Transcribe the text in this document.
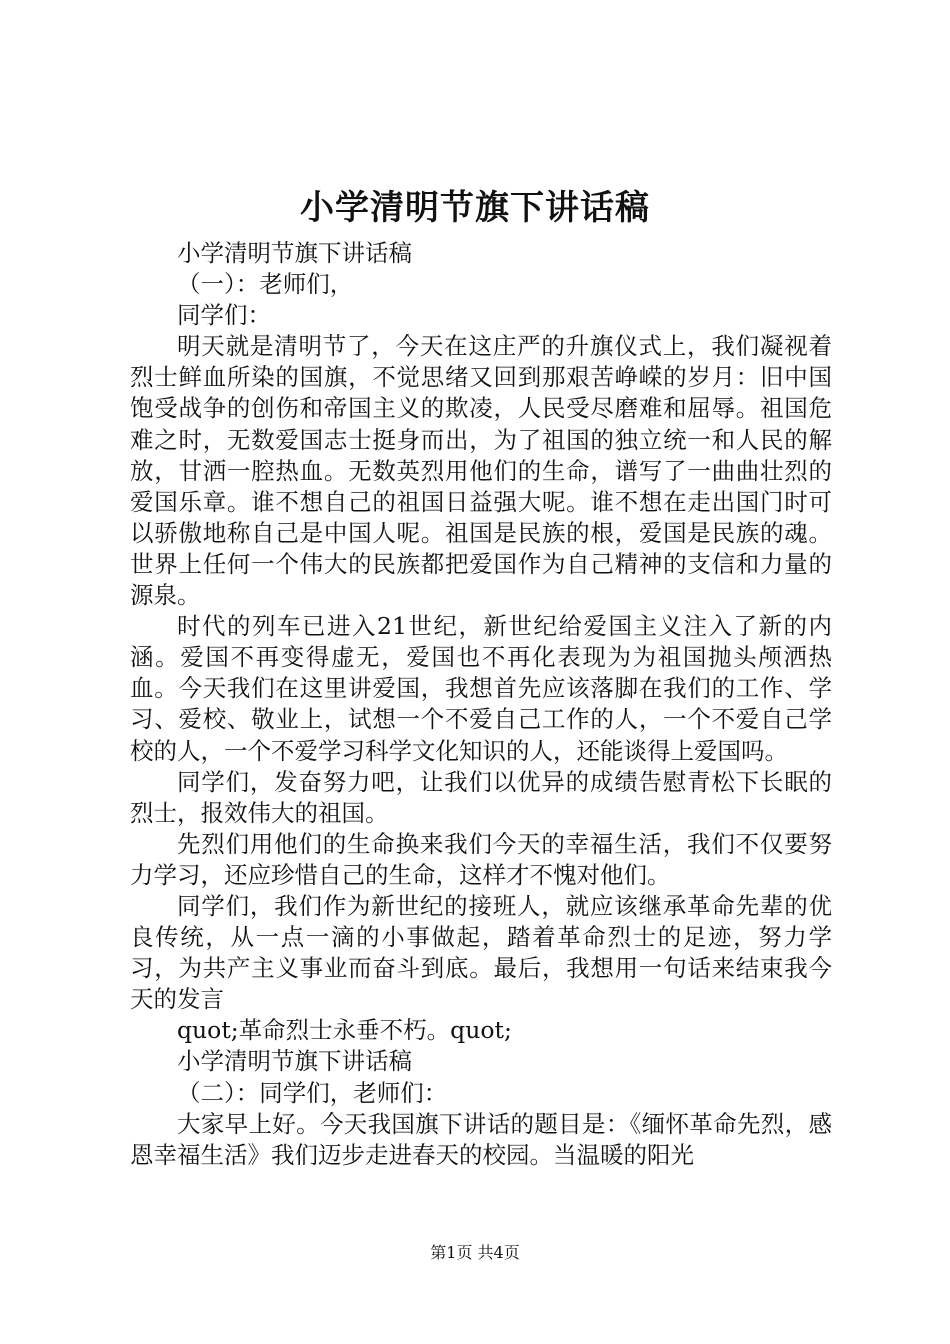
小学清明节旗下讲话稿

小学清明节旗下讲话稿

（一）：老师们，

同学们：

明天就是清明节了，今天在这庄严的升旗仪式上，我们凝视着烈士鲜血所染的国旗，不觉思绪又回到那艰苦峥嵘的岁月：旧中国饱受战争的创伤和帝国主义的欺凌，人民受尽磨难和屈辱。祖国危难之时，无数爱国志士挺身而出，为了祖国的独立统一和人民的解放，甘洒一腔热血。无数英烈用他们的生命，谱写了一曲曲壮烈的爱国乐章。谁不想自己的祖国日益强大呢。谁不想在走出国门时可以骄傲地称自己是中国人呢。祖国是民族的根，爱国是民族的魂。世界上任何一个伟大的民族都把爱国作为自己精神的支信和力量的源泉。

时代的列车已进入21世纪，新世纪给爱国主义注入了新的内涵。爱国不再变得虚无，爱国也不再化表现为为祖国抛头颅洒热血。今天我们在这里讲爱国，我想首先应该落脚在我们的工作、学习、爱校、敬业上，试想一个不爱自己工作的人，一个不爱自己学校的人，一个不爱学习科学文化知识的人，还能谈得上爱国吗。

同学们，发奋努力吧，让我们以优异的成绩告慰青松下长眠的烈士，报效伟大的祖国。

先烈们用他们的生命换来我们今天的幸福生活，我们不仅要努力学习，还应珍惜自己的生命，这样才不愧对他们。

同学们，我们作为新世纪的接班人，就应该继承革命先辈的优良传统，从一点一滴的小事做起，踏着革命烈士的足迹，努力学习，为共产主义事业而奋斗到底。最后，我想用一句话来结束我今天的发言

quot;革命烈士永垂不朽。quot;

小学清明节旗下讲话稿

（二）：同学们，老师们：

大家早上好。今天我国旗下讲话的题目是：《缅怀革命先烈，感恩幸福生活》我们迈步走进春天的校园。当温暖的阳光

第1页 共4页
